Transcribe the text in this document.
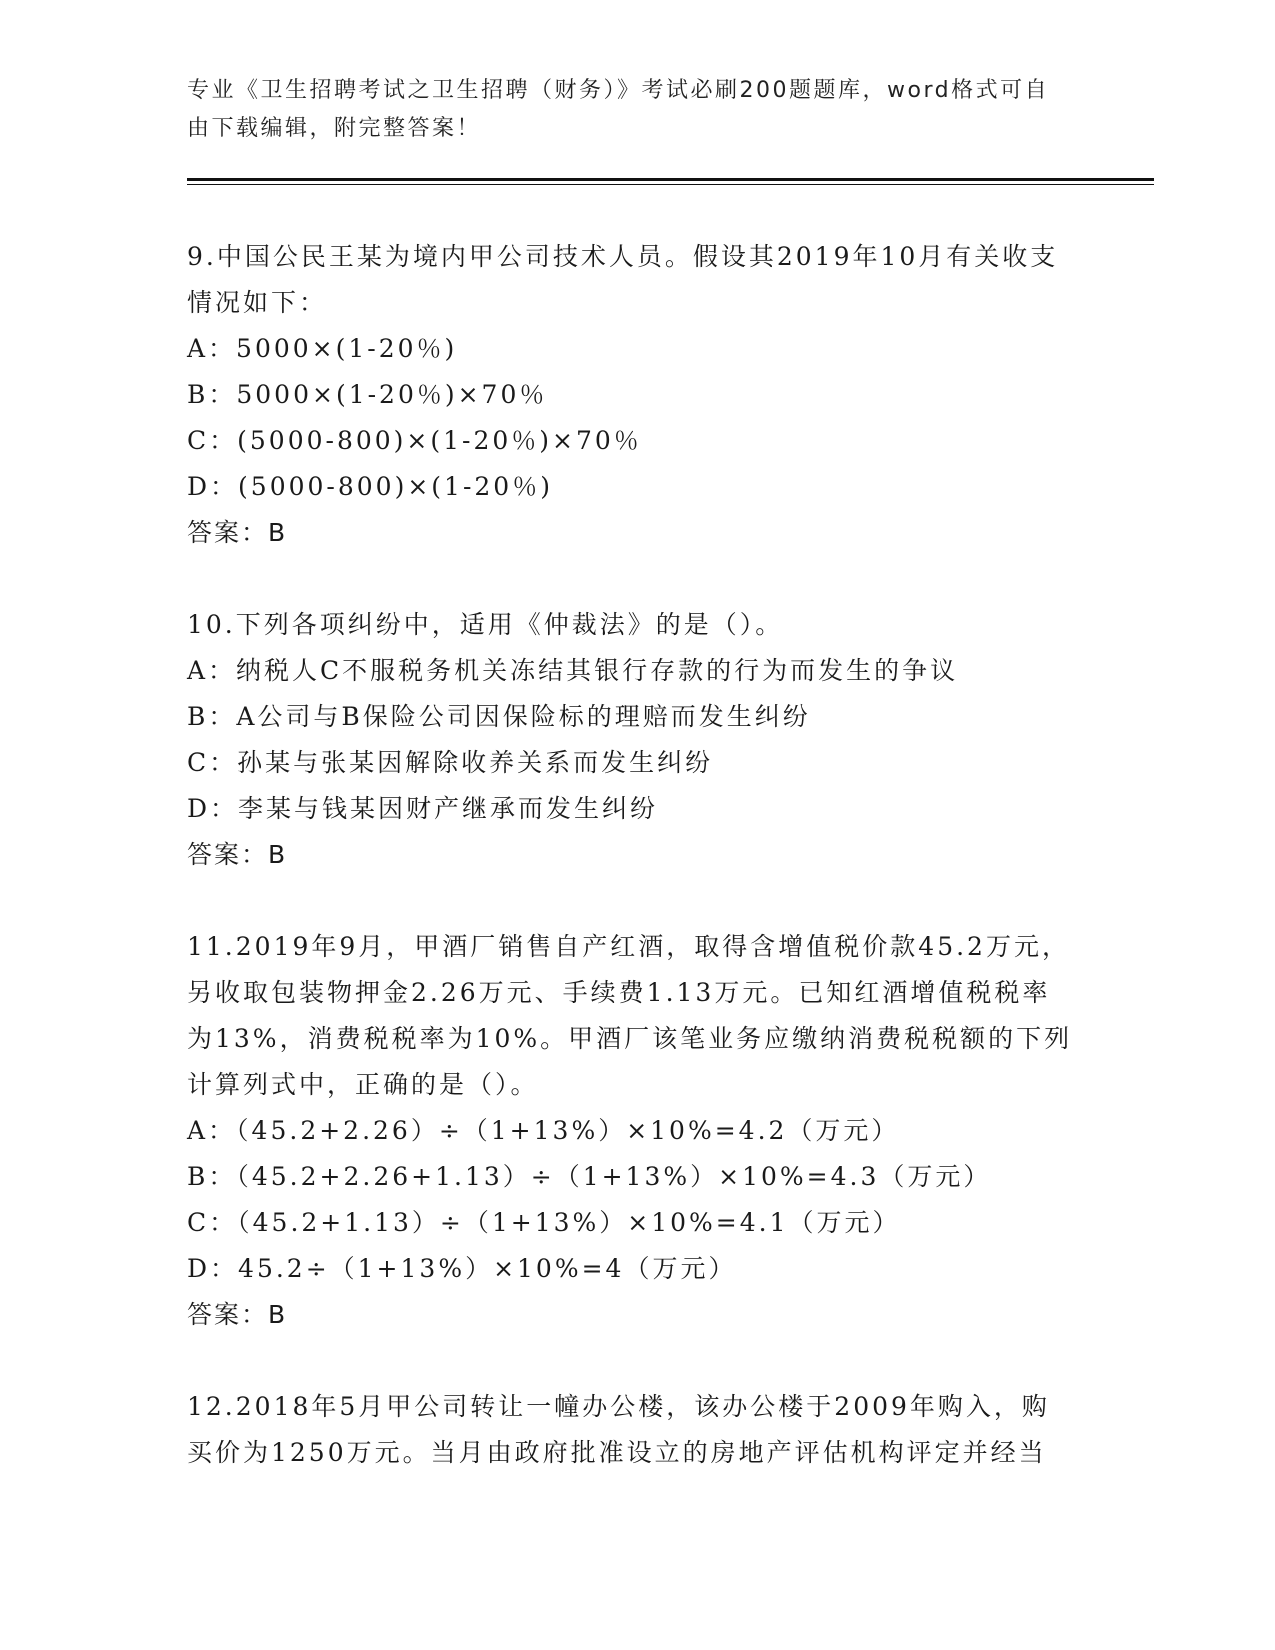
专业《卫生招聘考试之卫生招聘（财务）》考试必刷200题题库，word格式可自由下载编辑，附完整答案！

9.中国公民王某为境内甲公司技术人员。假设其2019年10月有关收支情况如下：

A：5000×(1-20％)

B：5000×(1-20％)×70％

C：(5000-800)×(1-20％)×70％

D：(5000-800)×(1-20％)

答案：B

10.下列各项纠纷中，适用《仲裁法》的是（）。

A：纳税人C不服税务机关冻结其银行存款的行为而发生的争议

B：A公司与B保险公司因保险标的理赔而发生纠纷

C：孙某与张某因解除收养关系而发生纠纷

D：李某与钱某因财产继承而发生纠纷

答案：B

11.2019年9月，甲酒厂销售自产红酒，取得含增值税价款45.2万元，另收取包装物押金2.26万元、手续费1.13万元。已知红酒增值税税率为13%，消费税税率为10%。甲酒厂该笔业务应缴纳消费税税额的下列计算列式中，正确的是（）。

A：（45.2+2.26）÷（1+13%）×10%=4.2（万元）

B：（45.2+2.26+1.13）÷（1+13%）×10%=4.3（万元）

C：（45.2+1.13）÷（1+13%）×10%=4.1（万元）

D：45.2÷（1+13%）×10%=4（万元）

答案：B

12.2018年5月甲公司转让一幢办公楼，该办公楼于2009年购入，购买价为1250万元。当月由政府批准设立的房地产评估机构评定并经当
